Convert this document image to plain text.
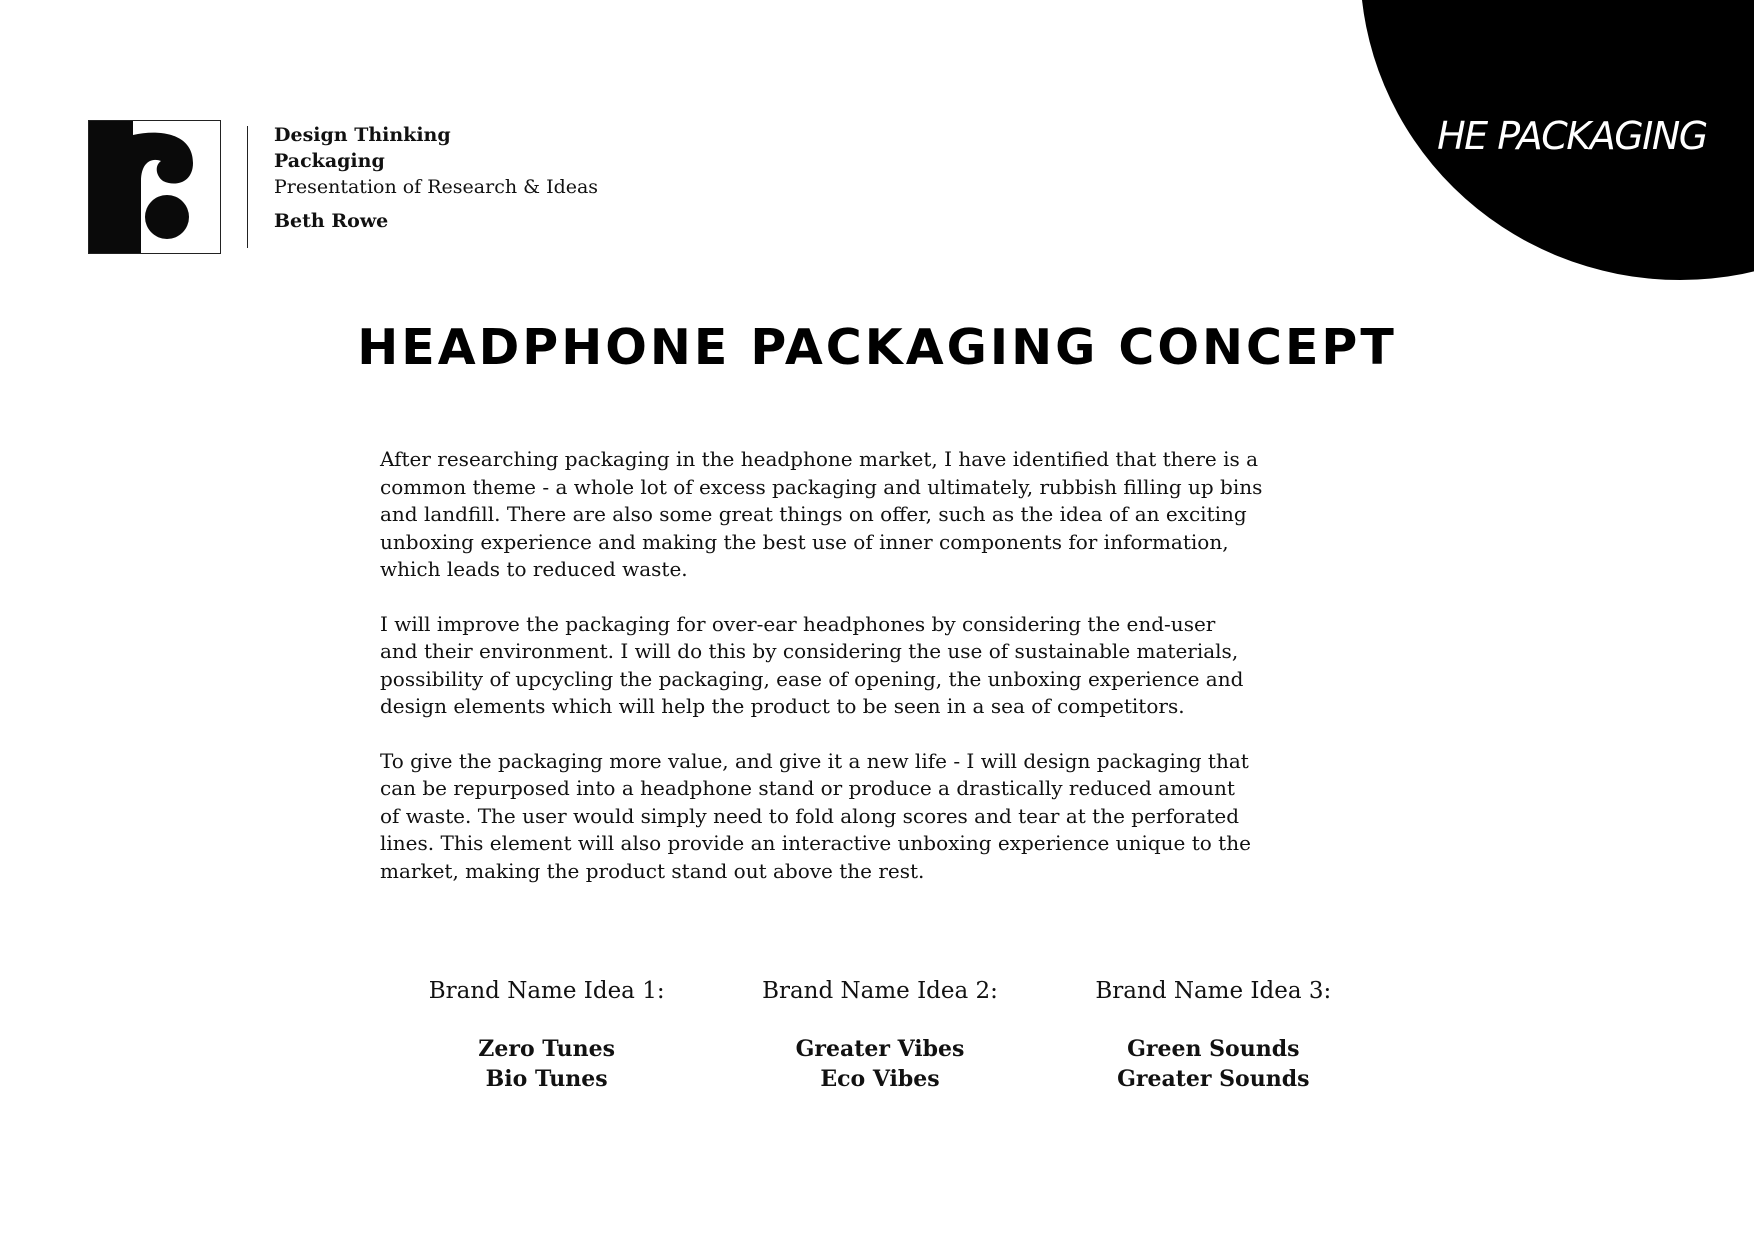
IMPROVING THE PACKAGING
Design Thinking
Packaging
Presentation of Research & Ideas
Beth Rowe
HEADPHONE PACKAGING CONCEPT

After researching packaging in the headphone market, I have identified that there is a
common theme - a whole lot of excess packaging and ultimately, rubbish filling up bins
and landfill. There are also some great things on offer, such as the idea of an exciting
unboxing experience and making the best use of inner components for information,
which leads to reduced waste.

I will improve the packaging for over-ear headphones by considering the end-user
and their environment. I will do this by considering the use of sustainable materials,
possibility of upcycling the packaging, ease of opening, the unboxing experience and
design elements which will help the product to be seen in a sea of competitors.

To give the packaging more value, and give it a new life - I will design packaging that
can be repurposed into a headphone stand or produce a drastically reduced amount
of waste. The user would simply need to fold along scores and tear at the perforated
lines. This element will also provide an interactive unboxing experience unique to the
market, making the product stand out above the rest.

Brand Name Idea 1:
Zero Tunes
Bio Tunes
Brand Name Idea 2:
Greater Vibes
Eco Vibes
Brand Name Idea 3:
Green Sounds
Greater Sounds
